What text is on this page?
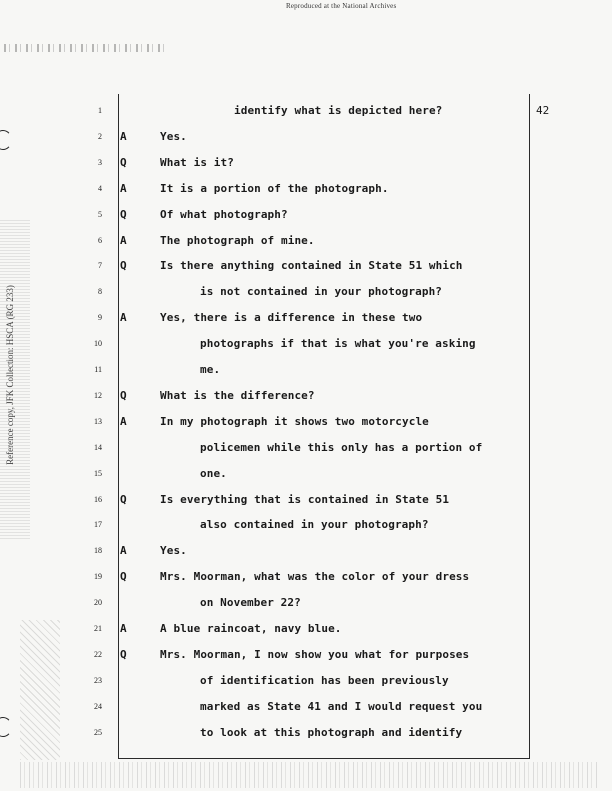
Reproduced at the National Archives
Reference copy, JFK Collection: HSCA (RG 233)
42
1	identify what is depicted here?
2 A	Yes.
3 Q	What is it?
4 A	It is a portion of the photograph.
5 Q	Of what photograph?
6 A	The photograph of mine.
7 Q	Is there anything contained in State 51 which
8	is not contained in your photograph?
9 A	Yes, there is a difference in these two
10	photographs if that is what you're asking
11	me.
12 Q	What is the difference?
13 A	In my photograph it shows two motorcycle
14	policemen while this only has a portion of
15	one.
16 Q	Is everything that is contained in State 51
17	also contained in your photograph?
18 A	Yes.
19 Q	Mrs. Moorman, what was the color of your dress
20	on November 22?
21 A	A blue raincoat, navy blue.
22 Q	Mrs. Moorman, I now show you what for purposes
23	of identification has been previously
24	marked as State 41 and I would request you
25	to look at this photograph and identify
